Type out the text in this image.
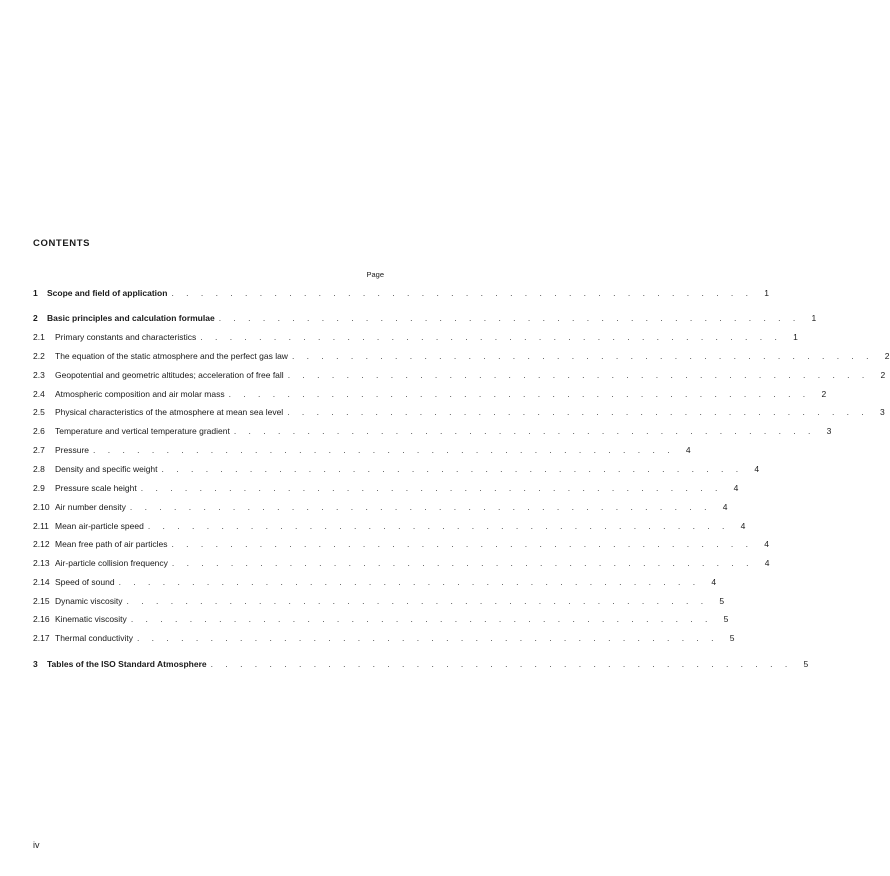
CONTENTS
Page
1	Scope and field of application . . . . . . . . . . . . . . . . . . . . . . . . . . . . . . . . . . . . . . . .	1
2	Basic principles and calculation formulae . . . . . . . . . . . . . . . . . . . . . . . . . . . . . . . . . . . . . . . .	1
2.1	Primary constants and characteristics . . . . . . . . . . . . . . . . . . . . . . . . . . . . . . . . . . . . . . . .	1
2.2	The equation of the static atmosphere and the perfect gas law . . . . . . . . . . . . . . . . . . . . . . . . . . . . . . . . . . . . . . . .	2
2.3	Geopotential and geometric altitudes; acceleration of free fall . . . . . . . . . . . . . . . . . . . . . . . . . . . . . . . . . . . . . . . .	2
2.4	Atmospheric composition and air molar mass . . . . . . . . . . . . . . . . . . . . . . . . . . . . . . . . . . . . . . . .	2
2.5	Physical characteristics of the atmosphere at mean sea level . . . . . . . . . . . . . . . . . . . . . . . . . . . . . . . . . . . . . . . .	3
2.6	Temperature and vertical temperature gradient . . . . . . . . . . . . . . . . . . . . . . . . . . . . . . . . . . . . . . . .	3
2.7	Pressure . . . . . . . . . . . . . . . . . . . . . . . . . . . . . . . . . . . . . . . .	4
2.8	Density and specific weight . . . . . . . . . . . . . . . . . . . . . . . . . . . . . . . . . . . . . . . .	4
2.9	Pressure scale height . . . . . . . . . . . . . . . . . . . . . . . . . . . . . . . . . . . . . . . .	4
2.10 Air number density . . . . . . . . . . . . . . . . . . . . . . . . . . . . . . . . . . . . . . . .	4
2.11 Mean air-particle speed . . . . . . . . . . . . . . . . . . . . . . . . . . . . . . . . . . . . . . . .	4
2.12 Mean free path of air particles . . . . . . . . . . . . . . . . . . . . . . . . . . . . . . . . . . . . . . . .	4
2.13 Air-particle collision frequency . . . . . . . . . . . . . . . . . . . . . . . . . . . . . . . . . . . . . . . .	4
2.14 Speed of sound . . . . . . . . . . . . . . . . . . . . . . . . . . . . . . . . . . . . . . . .	4
2.15 Dynamic viscosity . . . . . . . . . . . . . . . . . . . . . . . . . . . . . . . . . . . . . . . .	5
2.16 Kinematic viscosity . . . . . . . . . . . . . . . . . . . . . . . . . . . . . . . . . . . . . . . .	5
2.17 Thermal conductivity . . . . . . . . . . . . . . . . . . . . . . . . . . . . . . . . . . . . . . . .	5
3	Tables of the ISO Standard Atmosphere . . . . . . . . . . . . . . . . . . . . . . . . . . . . . . . . . . . . . . . .	5
iv
